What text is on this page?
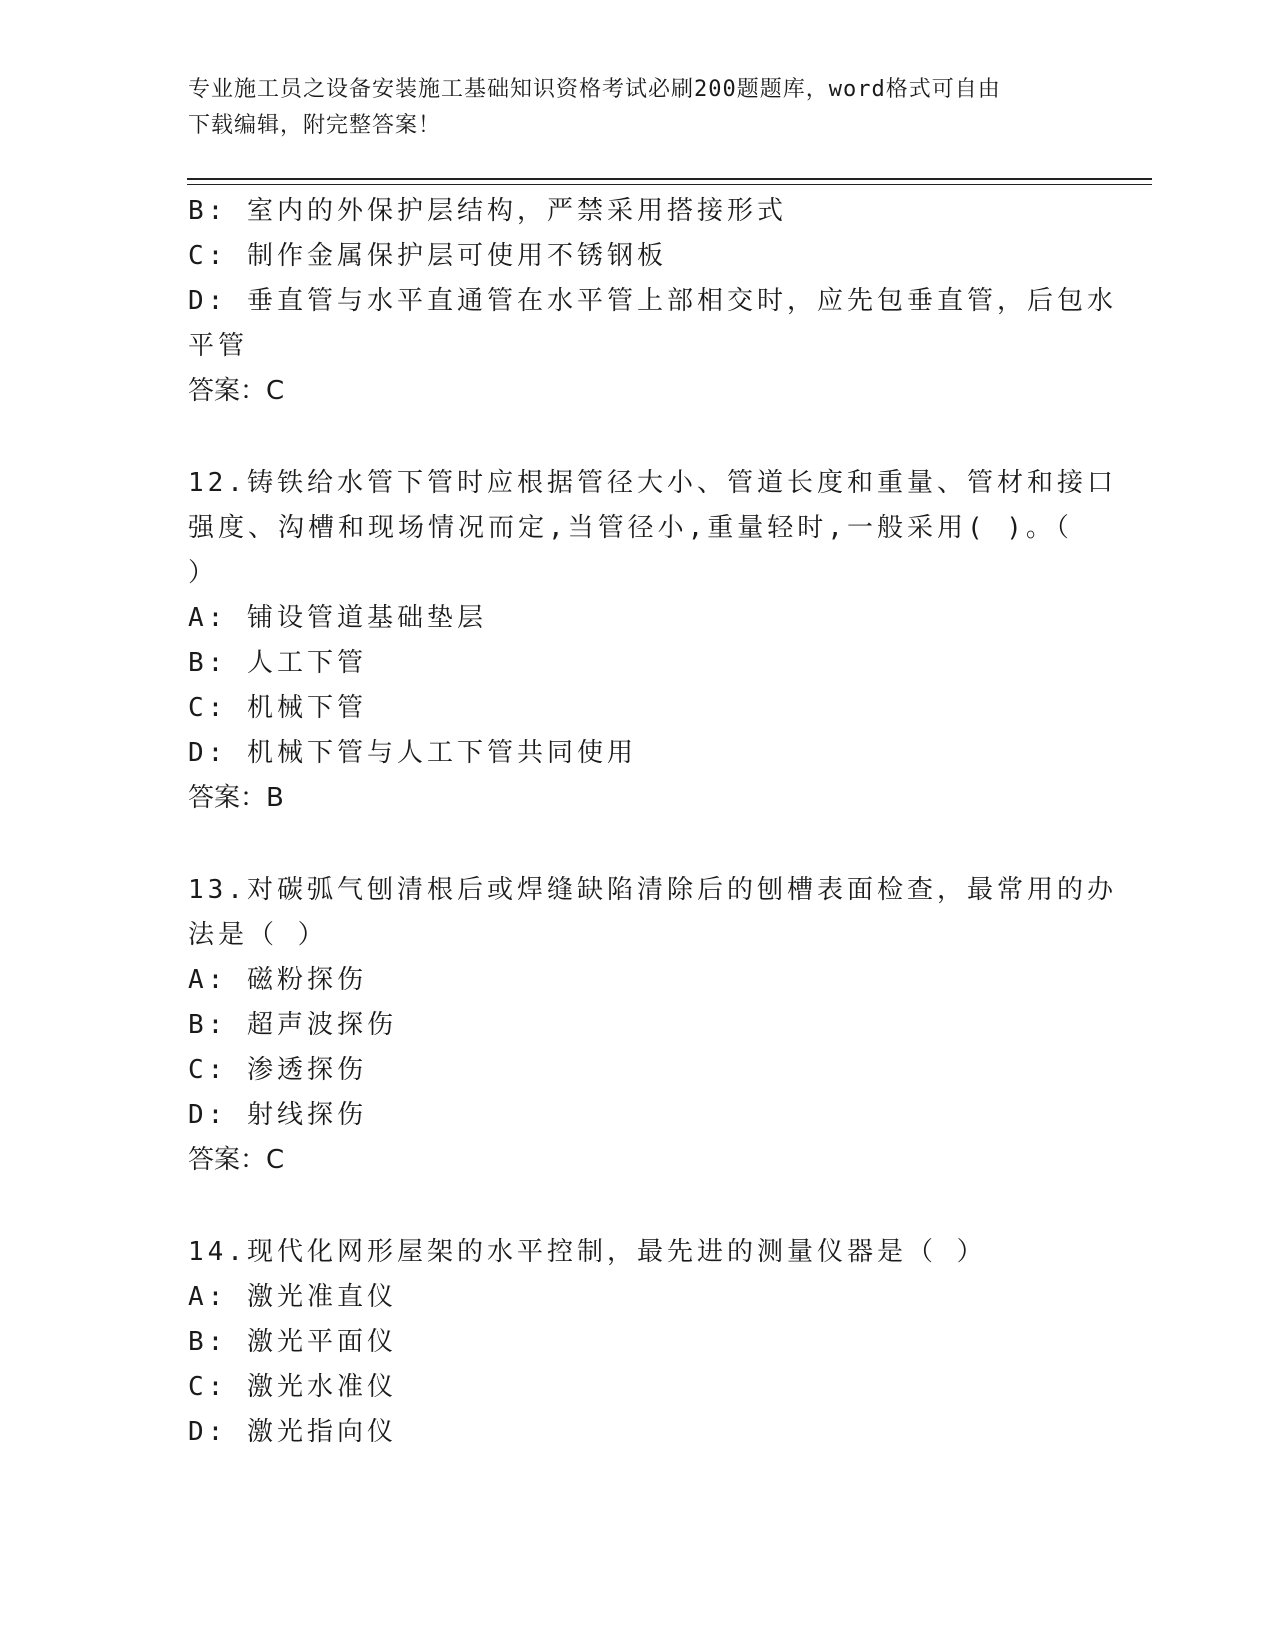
专业施工员之设备安装施工基础知识资格考试必刷200题题库，word格式可自由
下载编辑，附完整答案！
B: 室内的外保护层结构，严禁采用搭接形式
C: 制作金属保护层可使用不锈钢板
D: 垂直管与水平直通管在水平管上部相交时，应先包垂直管，后包水
平管
答案：C
12.铸铁给水管下管时应根据管径大小、管道长度和重量、管材和接口
强度、沟槽和现场情况而定,当管径小,重量轻时,一般采用( )。（
）
A: 铺设管道基础垫层
B: 人工下管
C: 机械下管
D: 机械下管与人工下管共同使用
答案：B
13.对碳弧气刨清根后或焊缝缺陷清除后的刨槽表面检查，最常用的办
法是（ ）
A: 磁粉探伤
B: 超声波探伤
C: 渗透探伤
D: 射线探伤
答案：C
14.现代化网形屋架的水平控制，最先进的测量仪器是（ ）
A: 激光准直仪
B: 激光平面仪
C: 激光水准仪
D: 激光指向仪
